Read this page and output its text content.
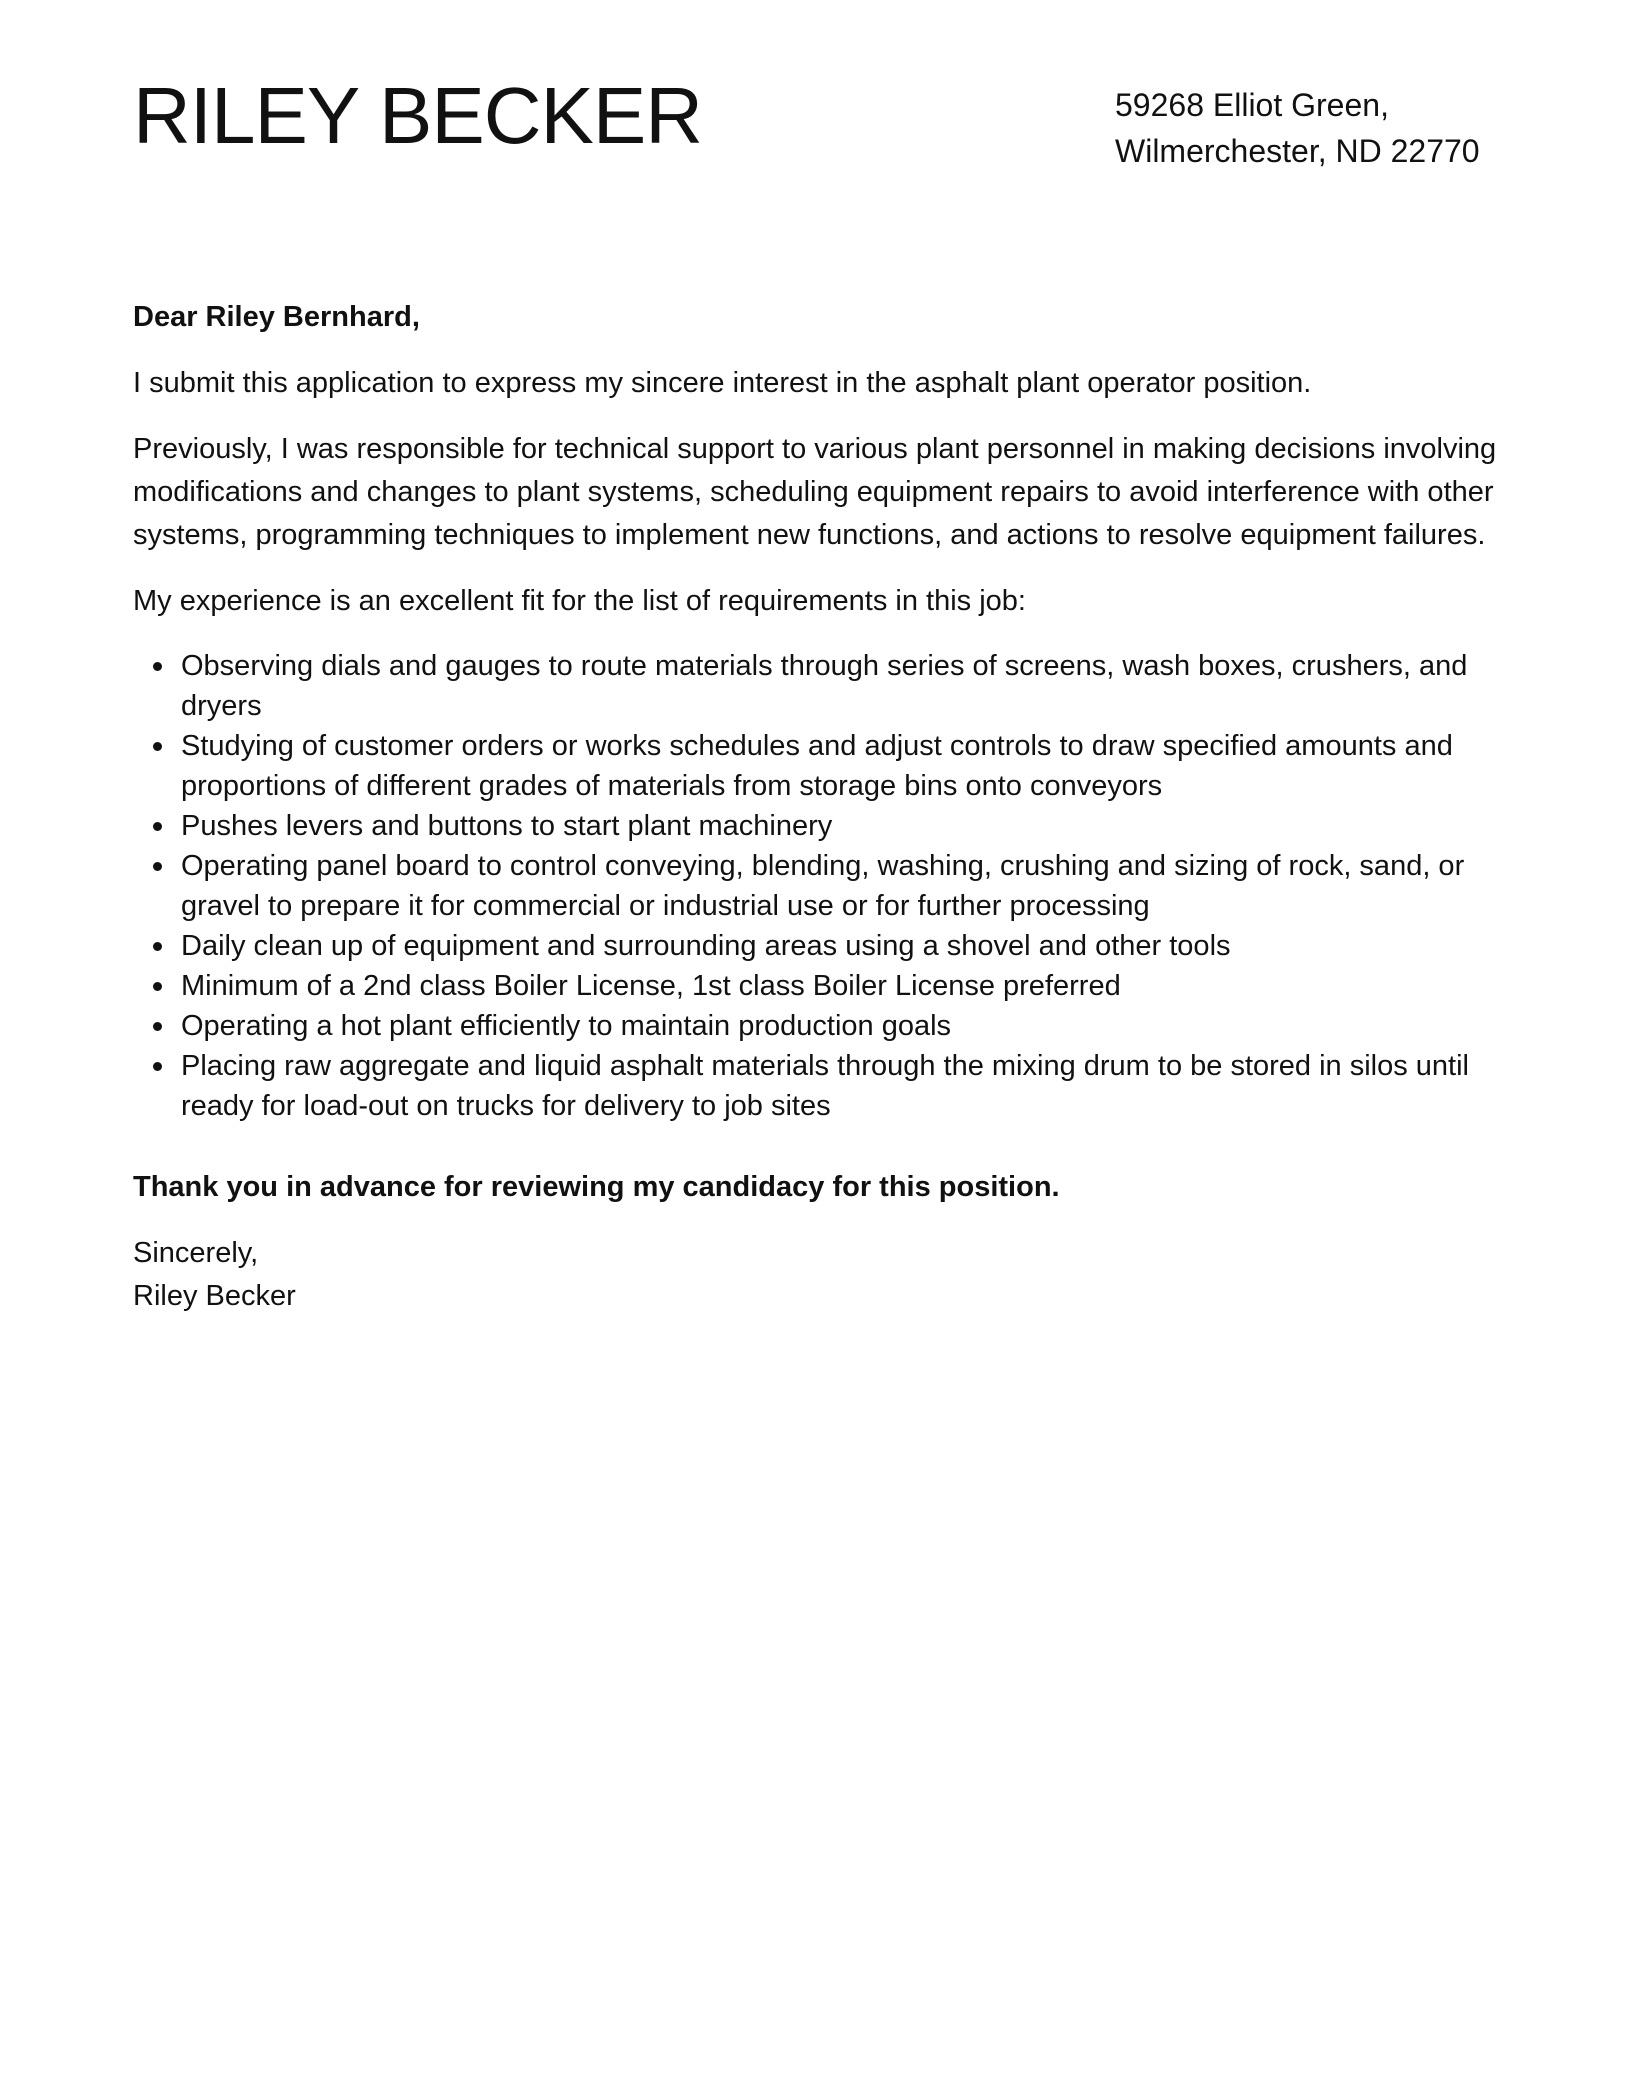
RILEY BECKER	59268 Elliot Green,
Wilmerchester, ND 22770

Dear Riley Bernhard,

I submit this application to express my sincere interest in the asphalt plant operator position.

Previously, I was responsible for technical support to various plant personnel in making decisions involving modifications and changes to plant systems, scheduling equipment repairs to avoid interference with other systems, programming techniques to implement new functions, and actions to resolve equipment failures.

My experience is an excellent fit for the list of requirements in this job:

Observing dials and gauges to route materials through series of screens, wash boxes, crushers, and dryers
Studying of customer orders or works schedules and adjust controls to draw specified amounts and proportions of different grades of materials from storage bins onto conveyors
Pushes levers and buttons to start plant machinery
Operating panel board to control conveying, blending, washing, crushing and sizing of rock, sand, or gravel to prepare it for commercial or industrial use or for further processing
Daily clean up of equipment and surrounding areas using a shovel and other tools
Minimum of a 2nd class Boiler License, 1st class Boiler License preferred
Operating a hot plant efficiently to maintain production goals
Placing raw aggregate and liquid asphalt materials through the mixing drum to be stored in silos until ready for load-out on trucks for delivery to job sites

Thank you in advance for reviewing my candidacy for this position.

Sincerely,
Riley Becker
